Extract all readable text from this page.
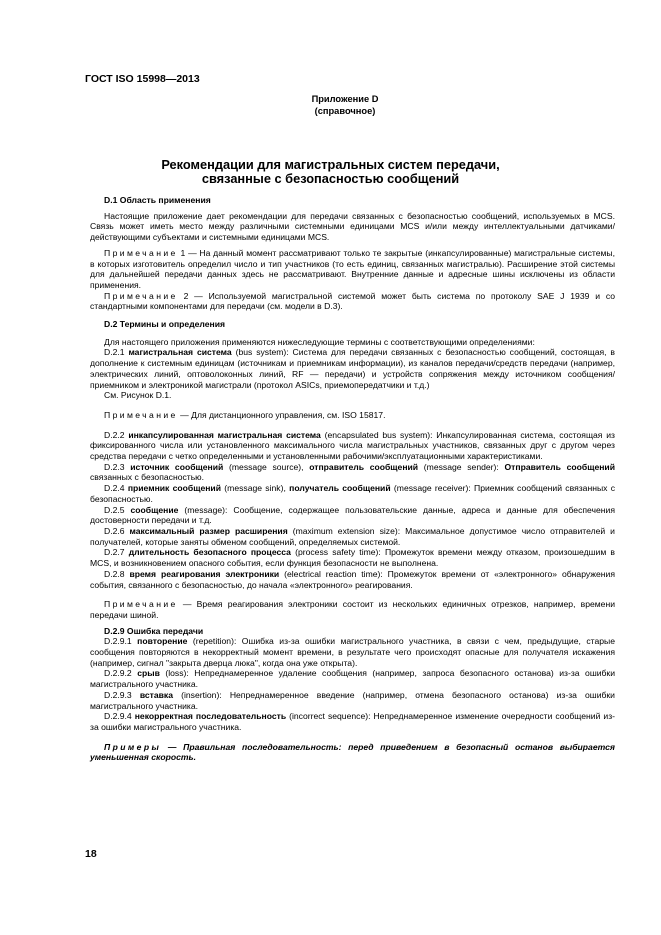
ГОСТ ISO 15998—2013
Приложение D
(справочное)
Рекомендации для магистральных систем передачи,
связанные с безопасностью сообщений

D.1 Область применения

Настоящие приложение дает рекомендации для передачи связанных с безопасностью сообщений, используемых в MCS. Связь может иметь место между различными системными единицами MCS и/или между интеллектуальными датчиками/ действующими субъектами и системными единицами MCS.

Примечание 1 — На данный момент рассматривают только те закрытые (инкапсулированные) магистральные системы, в которых изготовитель определил число и тип участников (то есть единиц, связанных магистралью). Расширение этой системы для дальнейшей передачи данных здесь не рассматривают. Внутренние данные и адресные шины исключены из области применения.

Примечание 2 — Используемой магистральной системой может быть система по протоколу SAE J 1939 и со стандартными компонентами для передачи (см. модели в D.3).

D.2 Термины и определения

Для настоящего приложения применяются нижеследующие термины с соответствующими определениями:

D.2.1 магистральная система (bus system): Система для передачи связанных с безопасностью сообщений, состоящая, в дополнение к системным единицам (источникам и приемникам информации), из каналов передачи/средств передачи (например, электрических линий, оптоволоконных линий, RF — передачи) и устройств сопряжения между источником сообщения/приемником и электроникой магистрали (протокол ASICs, приемопередатчики и т.д.)

См. Рисунок D.1.

Примечание — Для дистанционного управления, см. ISO 15817.

D.2.2 инкапсулированная магистральная система (encapsulated bus system): Инкапсулированная система, состоящая из фиксированного числа или установленного максимального числа магистральных участников, связанных друг с другом через средства передачи с четко определенными и установленными рабочими/эксплуатационными характеристиками.

D.2.3 источник сообщений (message source), отправитель сообщений (message sender): Отправитель сообщений связанных с безопасностью.

D.2.4 приемник сообщений (message sink), получатель сообщений (message receiver): Приемник сообщений связанных с безопасностью.

D.2.5 сообщение (message): Сообщение, содержащее пользовательские данные, адреса и данные для обеспечения достоверности передачи и т.д.

D.2.6 максимальный размер расширения (maximum extension size): Максимальное допустимое число отправителей и получателей, которые заняты обменом сообщений, определяемых системой.

D.2.7 длительность безопасного процесса (process safety time): Промежуток времени между отказом, произошедшим в MCS, и возникновением опасного события, если функция безопасности не выполнена.

D.2.8 время реагирования электроники (electrical reaction time): Промежуток времени от «электронного» обнаружения события, связанного с безопасностью, до начала «электронного» реагирования.

Примечание — Время реагирования электроники состоит из нескольких единичных отрезков, например, времени передачи шиной.

D.2.9 Ошибка передачи

D.2.9.1 повторение (repetition): Ошибка из-за ошибки магистрального участника, в связи с чем, предыдущие, старые сообщения повторяются в некорректный момент времени, в результате чего происходят опасные для получателя искажения (например, сигнал "закрыта дверца люка", когда она уже открыта).

D.2.9.2 срыв (loss): Непреднамеренное удаление сообщения (например, запроса безопасного останова) из-за ошибки магистрального участника.

D.2.9.3 вставка (insertion): Непреднамеренное введение (например, отмена безопасного останова) из-за ошибки магистрального участника.

D.2.9.4 некорректная последовательность (incorrect sequence): Непреднамеренное изменение очередности сообщений из-за ошибки магистрального участника.

Примеры — Правильная последовательность: перед приведением в безопасный останов выбирается уменьшенная скорость.

18
